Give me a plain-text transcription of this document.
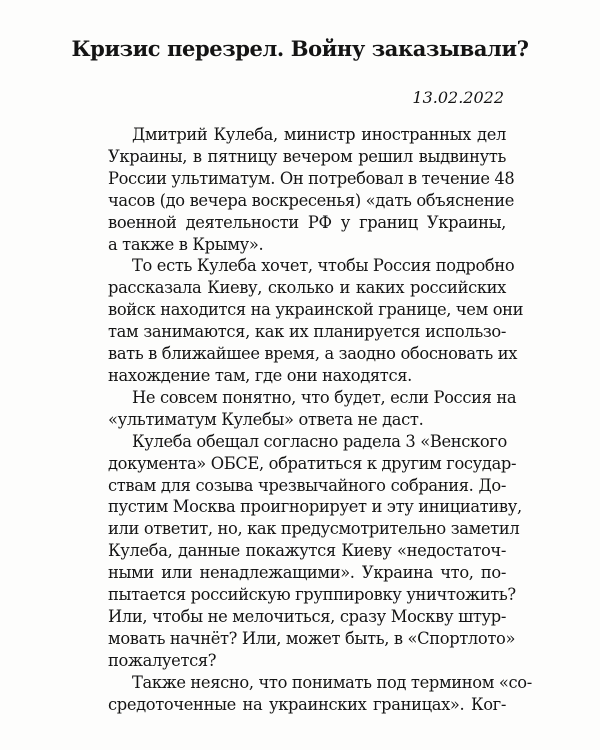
Кризис перезрел. Войну заказывали?

13.02.2022

Дмитрий Кулеба, министр иностранных дел
Украины, в пятницу вечером решил выдвинуть
России ультиматум. Он потребовал в течение 48
часов (до вечера воскресенья) «дать объяснение
военной деятельности РФ у границ Украины,
а также в Крыму».

То есть Кулеба хочет, чтобы Россия подробно
рассказала Киеву, сколько и каких российских
войск находится на украинской границе, чем они
там занимаются, как их планируется использо-
вать в ближайшее время, а заодно обосновать их
нахождение там, где они находятся.

Не совсем понятно, что будет, если Россия на
«ультиматум Кулебы» ответа не даст.

Кулеба обещал согласно радела 3 «Венского
документа» ОБСЕ, обратиться к другим государ-
ствам для созыва чрезвычайного собрания. До-
пустим Москва проигнорирует и эту инициативу,
или ответит, но, как предусмотрительно заметил
Кулеба, данные покажутся Киеву «недостаточ-
ными или ненадлежащими». Украина что, по-
пытается российскую группировку уничтожить?
Или, чтобы не мелочиться, сразу Москву штур-
мовать начнёт? Или, может быть, в «Спортлото»
пожалуется?

Также неясно, что понимать под термином «со-
средоточенные на украинских границах». Ког-
